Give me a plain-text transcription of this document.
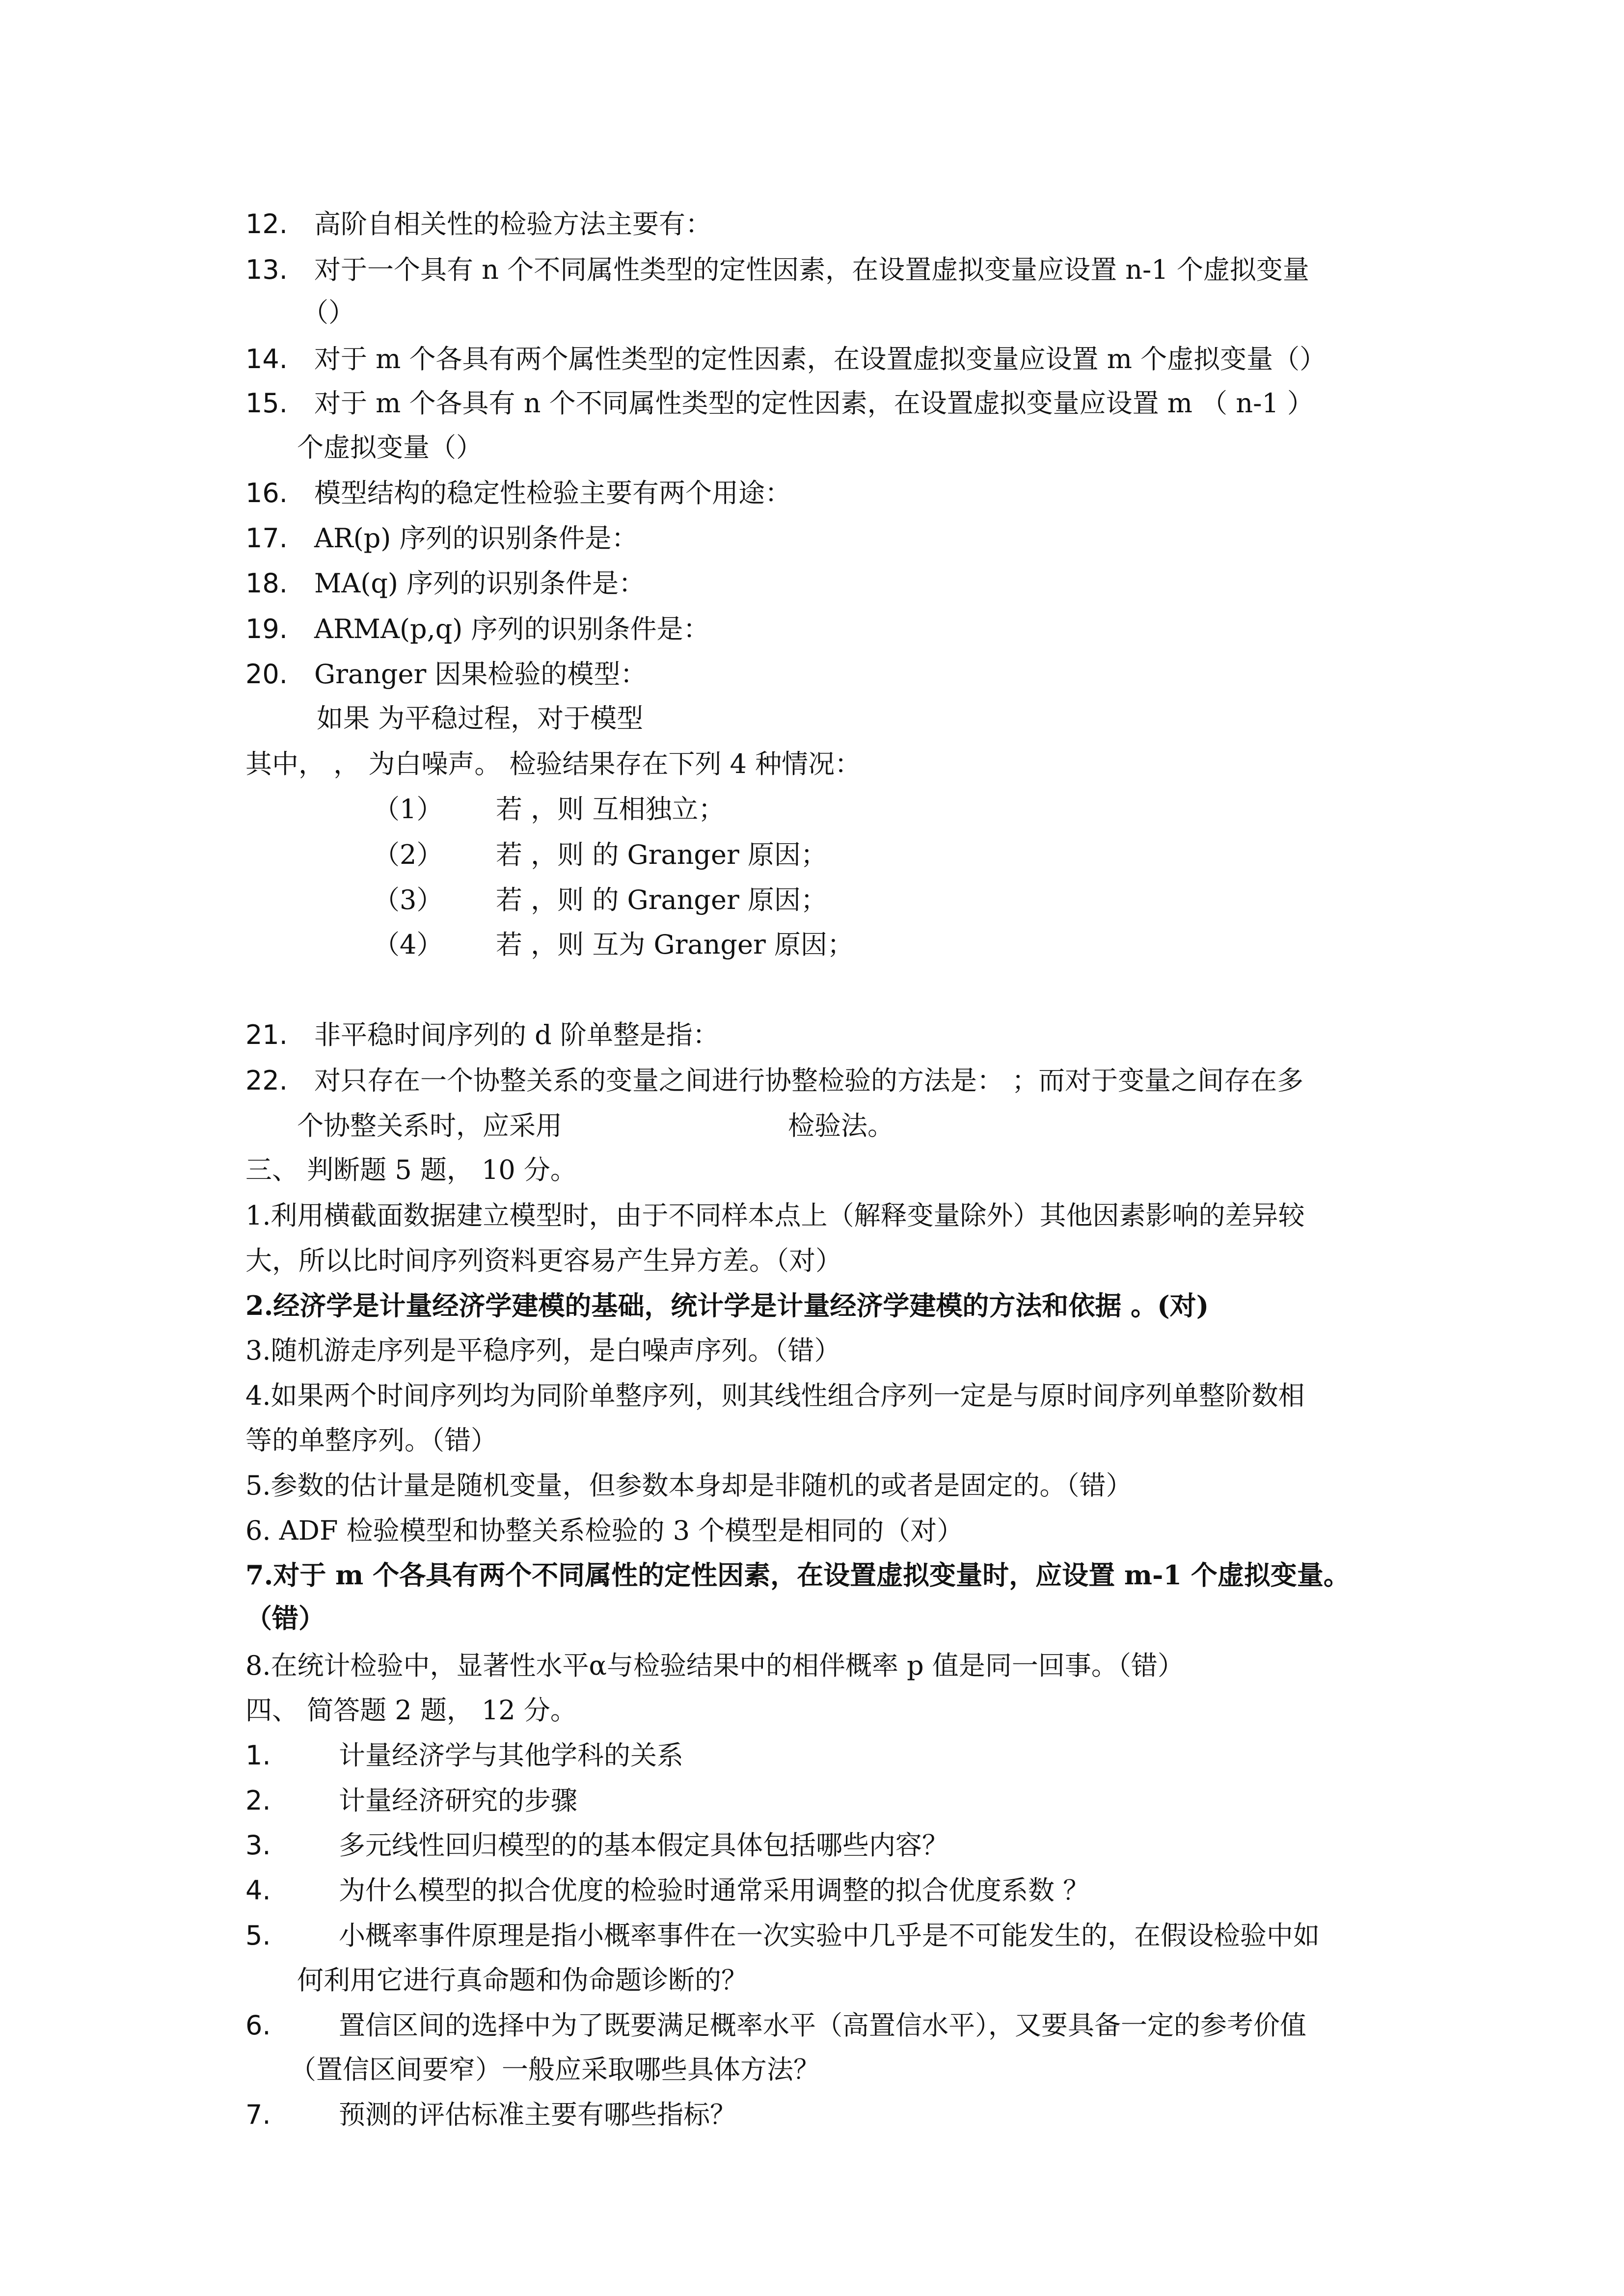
12. 高阶自相关性的检验方法主要有：
13. 对于一个具有 n 个不同属性类型的定性因素，在设置虚拟变量应设置 n-1 个虚拟变量
（）
14. 对于 m 个各具有两个属性类型的定性因素，在设置虚拟变量应设置 m 个虚拟变量（）
15. 对于 m 个各具有 n 个不同属性类型的定性因素，在设置虚拟变量应设置 m （ n-1 ）
个虚拟变量（）
16. 模型结构的稳定性检验主要有两个用途：
17. AR(p) 序列的识别条件是：
18. MA(q) 序列的识别条件是：
19. ARMA(p,q) 序列的识别条件是：
20. Granger 因果检验的模型：
如果 为平稳过程，对于模型
其中， ， 为白噪声。 检验结果存在下列 4 种情况：
（1） 若 ，则 互相独立；
（2） 若 ，则 的 Granger 原因；
（3） 若 ，则 的 Granger 原因；
（4） 若 ，则 互为 Granger 原因；
21. 非平稳时间序列的 d 阶单整是指：
22. 对只存在一个协整关系的变量之间进行协整检验的方法是： ；而对于变量之间存在多
个协整关系时，应采用	检验法。
三、 判断题 5 题， 10 分。
1.利用横截面数据建立模型时，由于不同样本点上（解释变量除外）其他因素影响的差异较
大，所以比时间序列资料更容易产生异方差。（对）
2.经济学是计量经济学建模的基础，统计学是计量经济学建模的方法和依据 。(对)
3.随机游走序列是平稳序列，是白噪声序列。（错）
4.如果两个时间序列均为同阶单整序列，则其线性组合序列一定是与原时间序列单整阶数相
等的单整序列。（错）
5.参数的估计量是随机变量，但参数本身却是非随机的或者是固定的。（错）
6. ADF 检验模型和协整关系检验的 3 个模型是相同的（对）
7.对于 m 个各具有两个不同属性的定性因素，在设置虚拟变量时，应设置 m-1 个虚拟变量。
（错）
8.在统计检验中，显著性水平α与检验结果中的相伴概率 p 值是同一回事。（错）
四、 简答题 2 题， 12 分。
1.	计量经济学与其他学科的关系
2.	计量经济研究的步骤
3.	多元线性回归模型的的基本假定具体包括哪些内容？
4.	为什么模型的拟合优度的检验时通常采用调整的拟合优度系数 ？
5.	小概率事件原理是指小概率事件在一次实验中几乎是不可能发生的，在假设检验中如
何利用它进行真命题和伪命题诊断的？
6.	置信区间的选择中为了既要满足概率水平（高置信水平），又要具备一定的参考价值
（置信区间要窄）一般应采取哪些具体方法？
7.	预测的评估标准主要有哪些指标？
